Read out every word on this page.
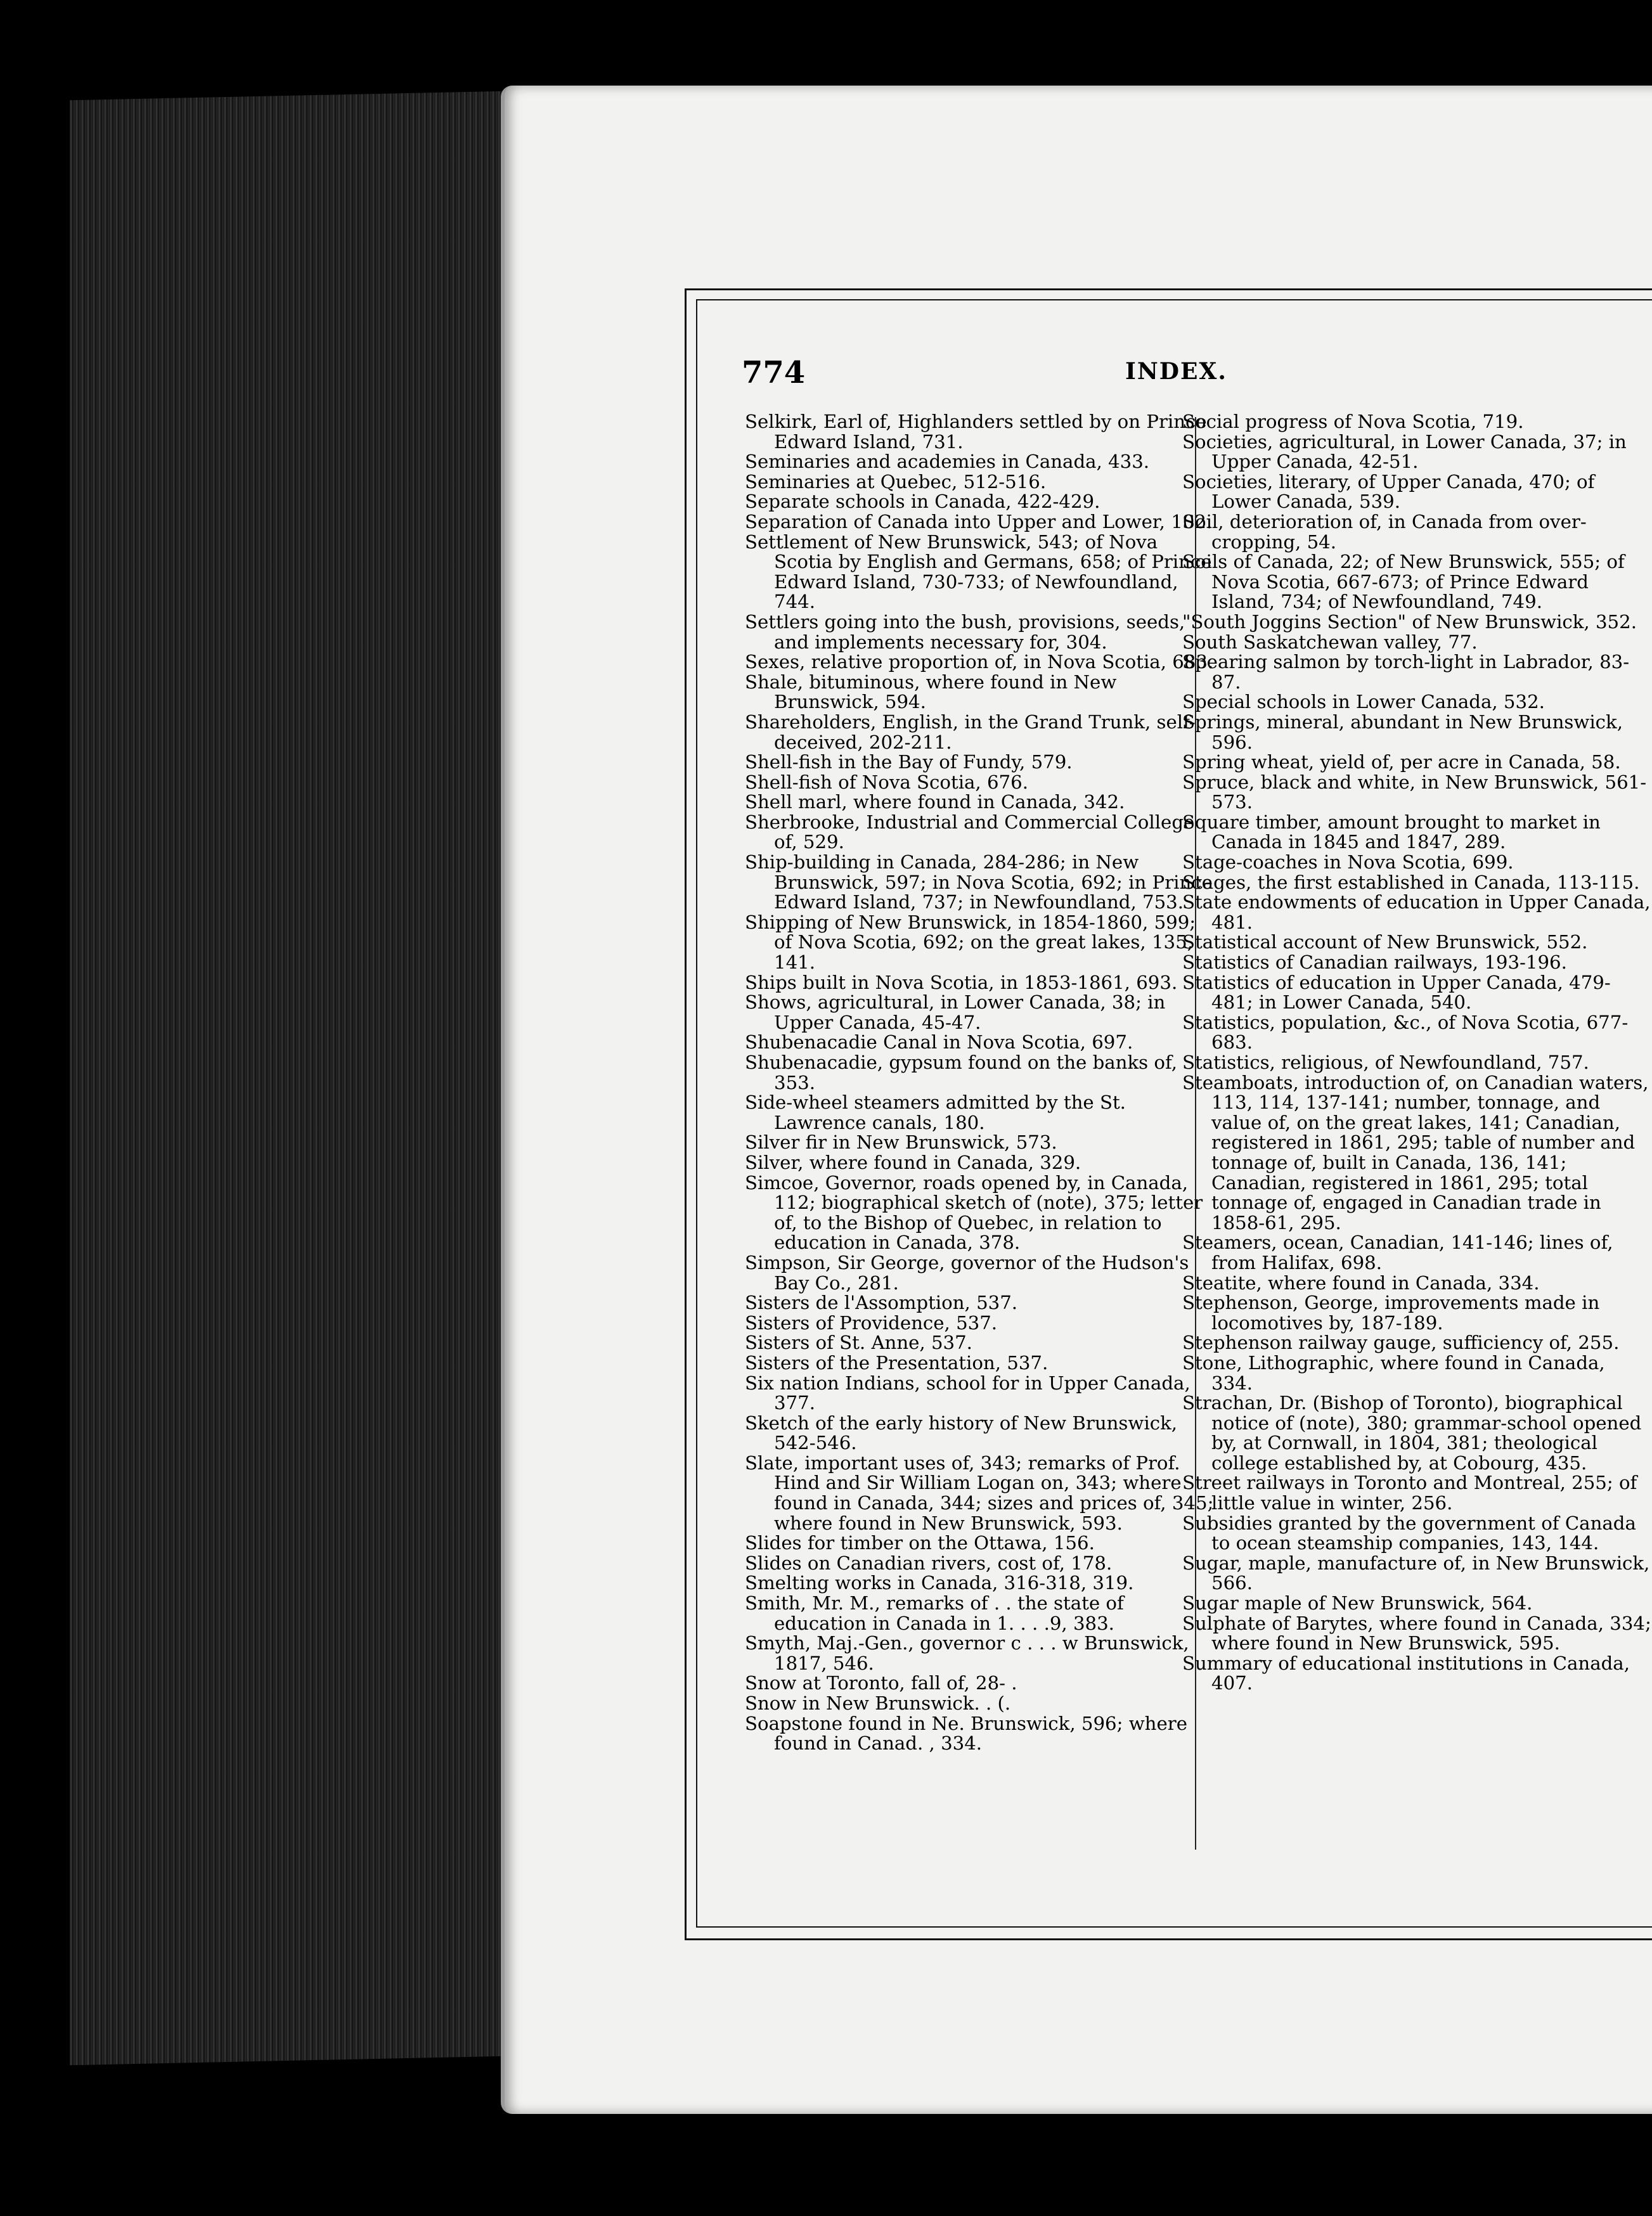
774	INDEX.

Selkirk, Earl of, Highlanders settled by on Prince Edward Island, 731.

Seminaries and academies in Canada, 433.

Seminaries at Quebec, 512-516.

Separate schools in Canada, 422-429.

Separation of Canada into Upper and Lower, 102.

Settlement of New Brunswick, 543; of Nova Scotia by English and Germans, 658; of Prince Edward Island, 730-733; of Newfoundland, 744.

Settlers going into the bush, provisions, seeds, and implements necessary for, 304.

Sexes, relative proportion of, in Nova Scotia, 683.

Shale, bituminous, where found in New Brunswick, 594.

Shareholders, English, in the Grand Trunk, self-deceived, 202-211.

Shell-fish in the Bay of Fundy, 579.

Shell-fish of Nova Scotia, 676.

Shell marl, where found in Canada, 342.

Sherbrooke, Industrial and Commercial College of, 529.

Ship-building in Canada, 284-286; in New Brunswick, 597; in Nova Scotia, 692; in Prince Edward Island, 737; in Newfoundland, 753.

Shipping of New Brunswick, in 1854-1860, 599; of Nova Scotia, 692; on the great lakes, 135, 141.

Ships built in Nova Scotia, in 1853-1861, 693.

Shows, agricultural, in Lower Canada, 38; in Upper Canada, 45-47.

Shubenacadie Canal in Nova Scotia, 697.

Shubenacadie, gypsum found on the banks of, 353.

Side-wheel steamers admitted by the St. Lawrence canals, 180.

Silver fir in New Brunswick, 573.

Silver, where found in Canada, 329.

Simcoe, Governor, roads opened by, in Canada, 112; biographical sketch of (note), 375; letter of, to the Bishop of Quebec, in relation to education in Canada, 378.

Simpson, Sir George, governor of the Hudson's Bay Co., 281.

Sisters de l'Assomption, 537.

Sisters of Providence, 537.

Sisters of St. Anne, 537.

Sisters of the Presentation, 537.

Six nation Indians, school for in Upper Canada, 377.

Sketch of the early history of New Brunswick, 542-546.

Slate, important uses of, 343; remarks of Prof. Hind and Sir William Logan on, 343; where found in Canada, 344; sizes and prices of, 345; where found in New Brunswick, 593.

Slides for timber on the Ottawa, 156.

Slides on Canadian rivers, cost of, 178.

Smelting works in Canada, 316-318, 319.

Smith, Mr. M., remarks of . . the state of education in Canada in 1. . . .9, 383.

Smyth, Maj.-Gen., governor c . . . w Brunswick, 1817, 546.

Snow at Toronto, fall of, 28- .

Snow in New Brunswick. . (.

Soapstone found in Ne. Brunswick, 596; where found in Canad. , 334.

Social progress of Nova Scotia, 719.

Societies, agricultural, in Lower Canada, 37; in Upper Canada, 42-51.

Societies, literary, of Upper Canada, 470; of Lower Canada, 539.

Soil, deterioration of, in Canada from over-cropping, 54.

Soils of Canada, 22; of New Brunswick, 555; of Nova Scotia, 667-673; of Prince Edward Island, 734; of Newfoundland, 749.

"South Joggins Section" of New Brunswick, 352.

South Saskatchewan valley, 77.

Spearing salmon by torch-light in Labrador, 83-87.

Special schools in Lower Canada, 532.

Springs, mineral, abundant in New Brunswick, 596.

Spring wheat, yield of, per acre in Canada, 58.

Spruce, black and white, in New Brunswick, 561-573.

Square timber, amount brought to market in Canada in 1845 and 1847, 289.

Stage-coaches in Nova Scotia, 699.

Stages, the first established in Canada, 113-115.

State endowments of education in Upper Canada, 481.

Statistical account of New Brunswick, 552.

Statistics of Canadian railways, 193-196.

Statistics of education in Upper Canada, 479-481; in Lower Canada, 540.

Statistics, population, &c., of Nova Scotia, 677-683.

Statistics, religious, of Newfoundland, 757.

Steamboats, introduction of, on Canadian waters, 113, 114, 137-141; number, tonnage, and value of, on the great lakes, 141; Canadian, registered in 1861, 295; table of number and tonnage of, built in Canada, 136, 141; Canadian, registered in 1861, 295; total tonnage of, engaged in Canadian trade in 1858-61, 295.

Steamers, ocean, Canadian, 141-146; lines of, from Halifax, 698.

Steatite, where found in Canada, 334.

Stephenson, George, improvements made in locomotives by, 187-189.

Stephenson railway gauge, sufficiency of, 255.

Stone, Lithographic, where found in Canada, 334.

Strachan, Dr. (Bishop of Toronto), biographical notice of (note), 380; grammar-school opened by, at Cornwall, in 1804, 381; theological college established by, at Cobourg, 435.

Street railways in Toronto and Montreal, 255; of little value in winter, 256.

Subsidies granted by the government of Canada to ocean steamship companies, 143, 144.

Sugar, maple, manufacture of, in New Brunswick, 566.

Sugar maple of New Brunswick, 564.

Sulphate of Barytes, where found in Canada, 334; where found in New Brunswick, 595.

Summary of educational institutions in Canada, 407.
